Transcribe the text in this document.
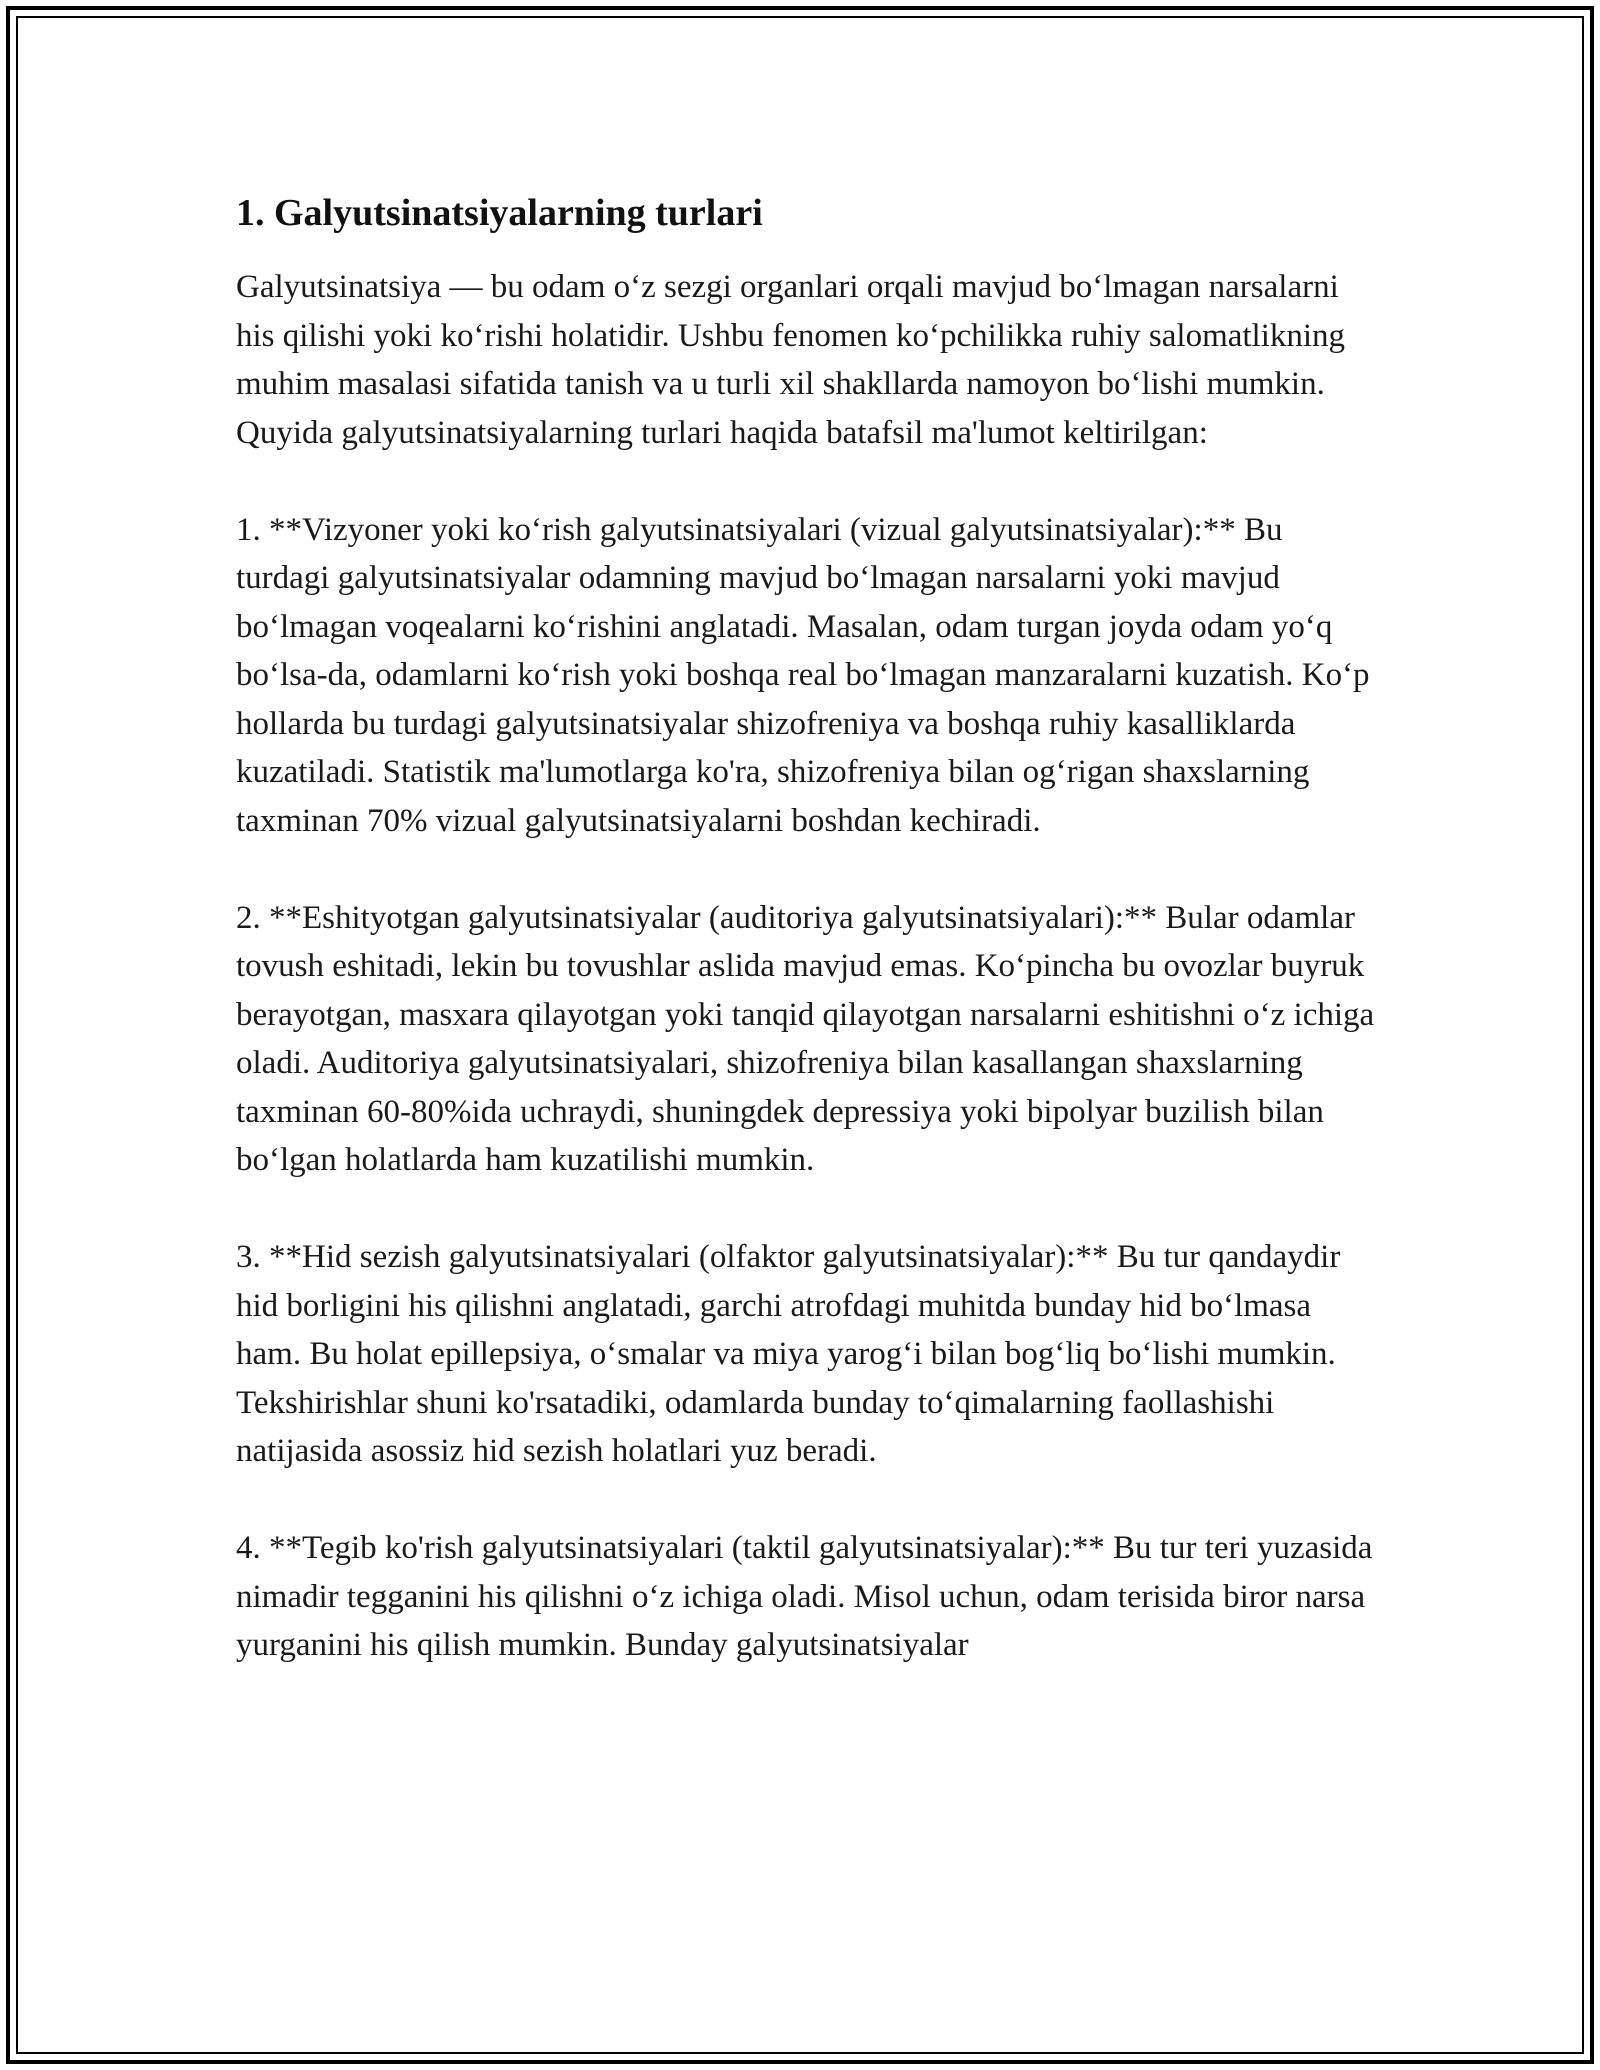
1. Galyutsinatsiyalarning turlari

Galyutsinatsiya — bu odam o‘z sezgi organlari orqali mavjud bo‘lmagan narsalarni his qilishi yoki ko‘rishi holatidir. Ushbu fenomen ko‘pchilikka ruhiy salomatlikning muhim masalasi sifatida tanish va u turli xil shakllarda namoyon bo‘lishi mumkin. Quyida galyutsinatsiyalarning turlari haqida batafsil ma'lumot keltirilgan:

1. **Vizyoner yoki ko‘rish galyutsinatsiyalari (vizual galyutsinatsiyalar):** Bu turdagi galyutsinatsiyalar odamning mavjud bo‘lmagan narsalarni yoki mavjud bo‘lmagan voqealarni ko‘rishini anglatadi. Masalan, odam turgan joyda odam yo‘q bo‘lsa-da, odamlarni ko‘rish yoki boshqa real bo‘lmagan manzaralarni kuzatish. Ko‘p hollarda bu turdagi galyutsinatsiyalar shizofreniya va boshqa ruhiy kasalliklarda kuzatiladi. Statistik ma'lumotlarga ko'ra, shizofreniya bilan og‘rigan shaxslarning taxminan 70% vizual galyutsinatsiyalarni boshdan kechiradi.

2. **Eshityotgan galyutsinatsiyalar (auditoriya galyutsinatsiyalari):** Bular odamlar tovush eshitadi, lekin bu tovushlar aslida mavjud emas. Ko‘pincha bu ovozlar buyruk berayotgan, masxara qilayotgan yoki tanqid qilayotgan narsalarni eshitishni o‘z ichiga oladi. Auditoriya galyutsinatsiyalari, shizofreniya bilan kasallangan shaxslarning taxminan 60-80%ida uchraydi, shuningdek depressiya yoki bipolyar buzilish bilan bo‘lgan holatlarda ham kuzatilishi mumkin.

3. **Hid sezish galyutsinatsiyalari (olfaktor galyutsinatsiyalar):** Bu tur qandaydir hid borligini his qilishni anglatadi, garchi atrofdagi muhitda bunday hid bo‘lmasa ham. Bu holat epillepsiya, o‘smalar va miya yarog‘i bilan bog‘liq bo‘lishi mumkin. Tekshirishlar shuni ko'rsatadiki, odamlarda bunday to‘qimalarning faollashishi natijasida asossiz hid sezish holatlari yuz beradi.

4. **Tegib ko'rish galyutsinatsiyalari (taktil galyutsinatsiyalar):** Bu tur teri yuzasida nimadir tegganini his qilishni o‘z ichiga oladi. Misol uchun, odam terisida biror narsa yurganini his qilish mumkin. Bunday galyutsinatsiyalar
